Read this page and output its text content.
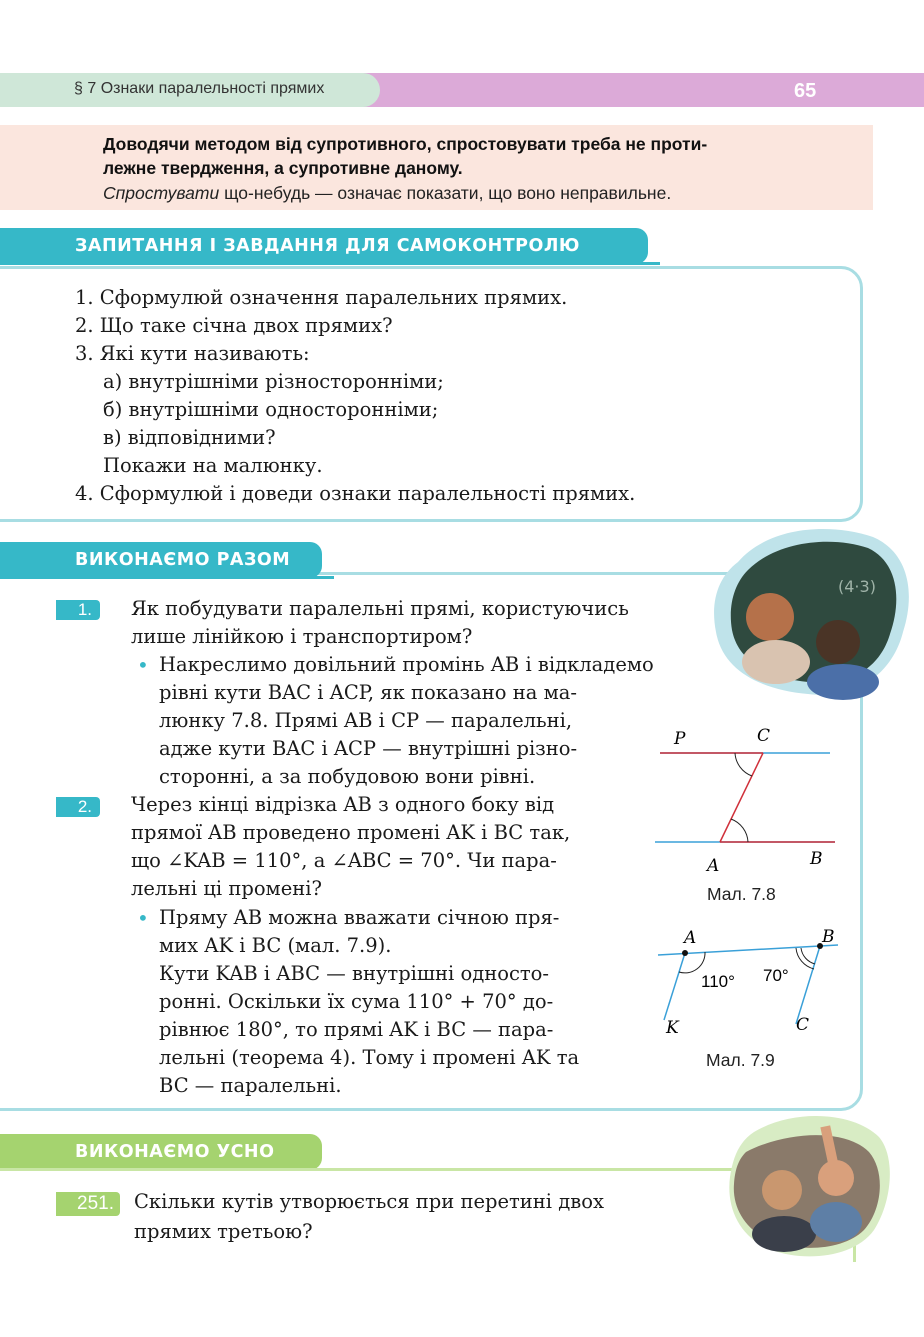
§ 7 Ознаки паралельності прямих	65
Доводячи методом від супротивного, спростовувати треба не проти-
лежне твердження, а супротивне даному.
Спростувати що-небудь — означає показати, що воно неправильне.
ЗАПИТАННЯ І ЗАВДАННЯ ДЛЯ САМОКОНТРОЛЮ
1. Сформулюй означення паралельних прямих.
2. Що таке січна двох прямих?
3. Які кути називають:
а) внутрішніми різносторонніми;
б) внутрішніми односторонніми;
в) відповідними?
Покажи на малюнку.
4. Сформулюй і доведи ознаки паралельності прямих.
ВИКОНАЄМО РАЗОМ
(4·3)
1.	Як побудувати паралельні прямі, користуючись
лише лінійкою і транспортиром?
• Накреслимо довільний промінь AB і відкладемо
рівні кути BAC і ACP, як показано на ма-
люнку 7.8. Прямі AB і CP — паралельні,
адже кути BAC і ACP — внутрішні різно-
сторонні, а за побудовою вони рівні.
P	C
A	B
Мал. 7.8
2.	Через кінці відрізка AB з одного боку від
прямої AB проведено промені AK і BC так,
що ∠KAB = 110°, а ∠ABC = 70°. Чи пара-
лельні ці промені?
• Пряму AB можна вважати січною пря-
мих AK і BC (мал. 7.9).
Кути KAB і ABC — внутрішні односто-
ронні. Оскільки їх сума 110° + 70° до-
рівнює 180°, то прямі AK і BC — пара-
лельні (теорема 4). Тому і промені AK та
BC — паралельні.
A	B
K	C
110° 70°
Мал. 7.9
ВИКОНАЄМО УСНО
251.	Скільки кутів утворюється при перетині двох
прямих третьою?
